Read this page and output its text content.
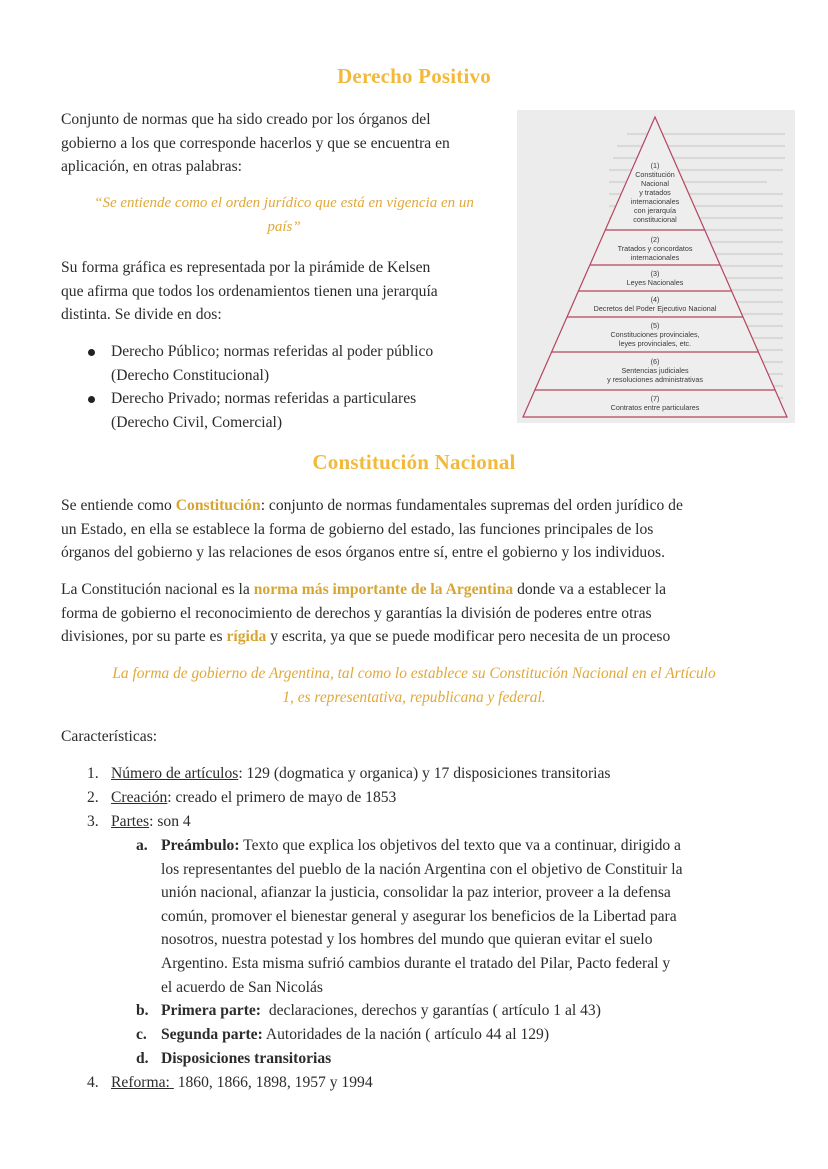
Derecho Positivo
Conjunto de normas que ha sido creado por los órganos del
gobierno a los que corresponde hacerlos y que se encuentra en
aplicación, en otras palabras:
“Se entiende como el orden jurídico que está en vigencia en un
país”
Su forma gráfica es representada por la pirámide de Kelsen
que afirma que todos los ordenamientos tienen una jerarquía
distinta. Se divide en dos:
Derecho Público; normas referidas al poder público
(Derecho Constitucional)
Derecho Privado; normas referidas a particulares
(Derecho Civil, Comercial)
(1)
Constitución
Nacional
y tratados
internacionales
con jerarquía
constitucional
(2)
Tratados y concordatos
internacionales
(3)
Leyes Nacionales
(4)
Decretos del Poder Ejecutivo Nacional
(5)
Constituciones provinciales,
leyes provinciales, etc.
(6)
Sentencias judiciales
y resoluciones administrativas
(7)
Contratos entre particulares
Constitución Nacional
Se entiende como Constitución: conjunto de normas fundamentales supremas del orden jurídico de
un Estado, en ella se establece la forma de gobierno del estado, las funciones principales de los
órganos del gobierno y las relaciones de esos órganos entre sí, entre el gobierno y los individuos.
La Constitución nacional es la norma más importante de la Argentina donde va a establecer la
forma de gobierno el reconocimiento de derechos y garantías la división de poderes entre otras
divisiones, por su parte es rígida y escrita, ya que se puede modificar pero necesita de un proceso
La forma de gobierno de Argentina, tal como lo establece su Constitución Nacional en el Artículo
1, es representativa, republicana y federal.
Características:
1. Número de artículos: 129 (dogmatica y organica) y 17 disposiciones transitorias
2. Creación: creado el primero de mayo de 1853
3. Partes: son 4
a. Preámbulo: Texto que explica los objetivos del texto que va a continuar, dirigido a
los representantes del pueblo de la nación Argentina con el objetivo de Constituir la
unión nacional, afianzar la justicia, consolidar la paz interior, proveer a la defensa
común, promover el bienestar general y asegurar los beneficios de la Libertad para
nosotros, nuestra potestad y los hombres del mundo que quieran evitar el suelo
Argentino. Esta misma sufrió cambios durante el tratado del Pilar, Pacto federal y
el acuerdo de San Nicolás
b. Primera parte:  declaraciones, derechos y garantías ( artículo 1 al 43)
c. Segunda parte: Autoridades de la nación ( artículo 44 al 129)
d. Disposiciones transitorias
4. Reforma:  1860, 1866, 1898, 1957 y 1994
